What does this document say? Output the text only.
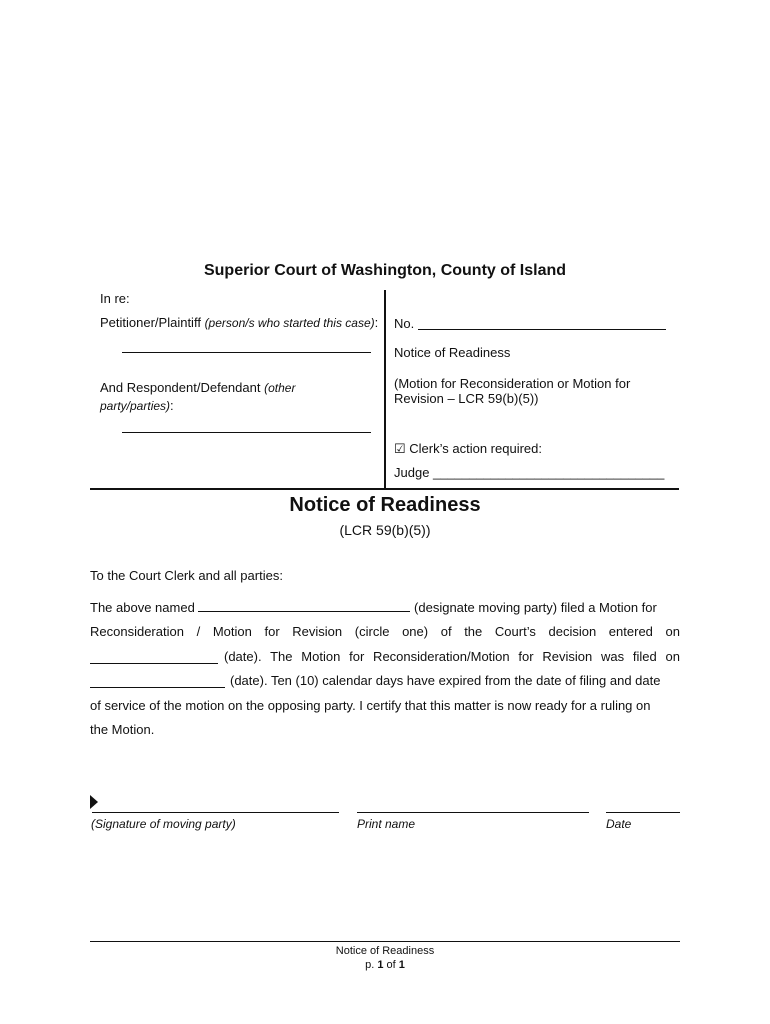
Superior Court of Washington, County of Island
In re:
Petitioner/Plaintiff (person/s who started this case):
And Respondent/Defendant (other
party/parties):
No.
Notice of Readiness
(Motion for Reconsideration or Motion for
Revision – LCR 59(b)(5))
☑ Clerk’s action required:
Judge ________________________________
Notice of Readiness
(LCR 59(b)(5))
To the Court Clerk and all parties:
The above named	(designate moving party) filed a Motion for
Reconsideration / Motion for Revision (circle one) of the Court’s decision entered on
(date). The Motion for Reconsideration/Motion for Revision was filed on
(date). Ten (10) calendar days have expired from the date of filing and date
of service of the motion on the opposing party. I certify that this matter is now ready for a ruling on
the Motion.
(Signature of moving party)	Print name	Date
Notice of Readiness
p. 1 of 1
